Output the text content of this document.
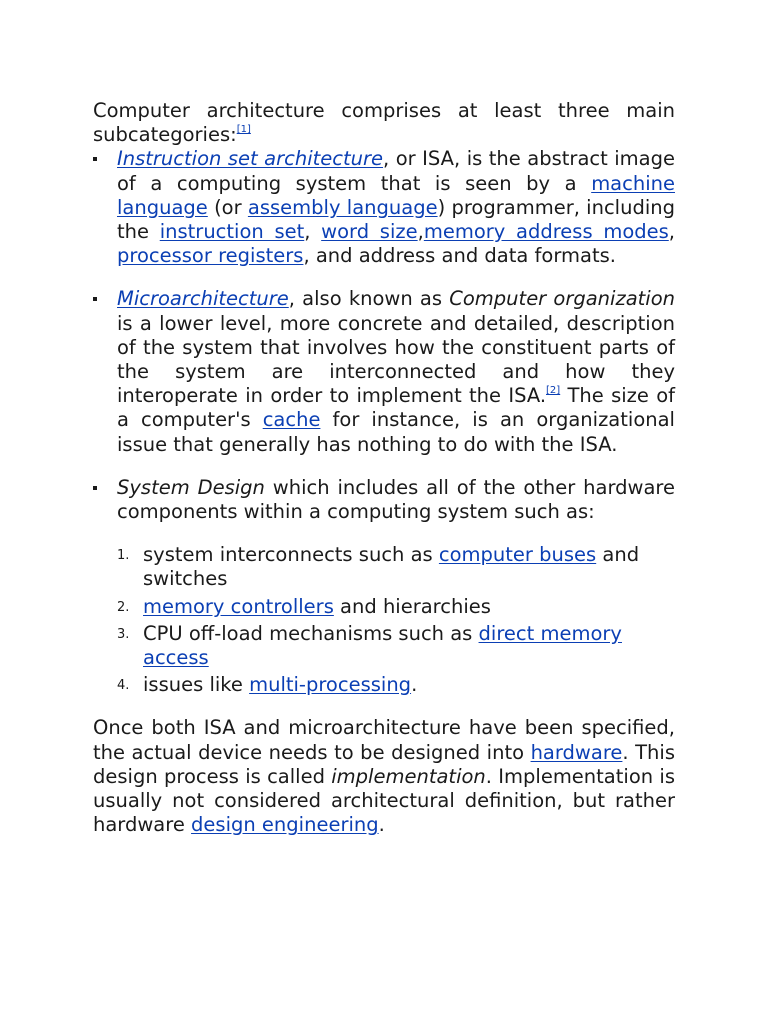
Computer architecture comprises at least three main subcategories:[1]

Instruction set architecture, or ISA, is the abstract image of a computing system that is seen by a machine language (or assembly language) programmer, including the instruction set, word size,memory address modes, processor registers, and address and data formats.
Microarchitecture, also known as Computer organization is a lower level, more concrete and detailed, description of the system that involves how the constituent parts of the system are interconnected and how they interoperate in order to implement the ISA.[2] The size of a computer's cache for instance, is an organizational issue that generally has nothing to do with the ISA.
System Design which includes all of the other hardware components within a computing system such as:
1. system interconnects such as computer buses and switches
2. memory controllers and hierarchies
3. CPU off-load mechanisms such as direct memory access
4. issues like multi-processing.

Once both ISA and microarchitecture have been specified, the actual device needs to be designed into hardware. This design process is called implementation. Implementation is usually not considered architectural definition, but rather hardware design engineering.
